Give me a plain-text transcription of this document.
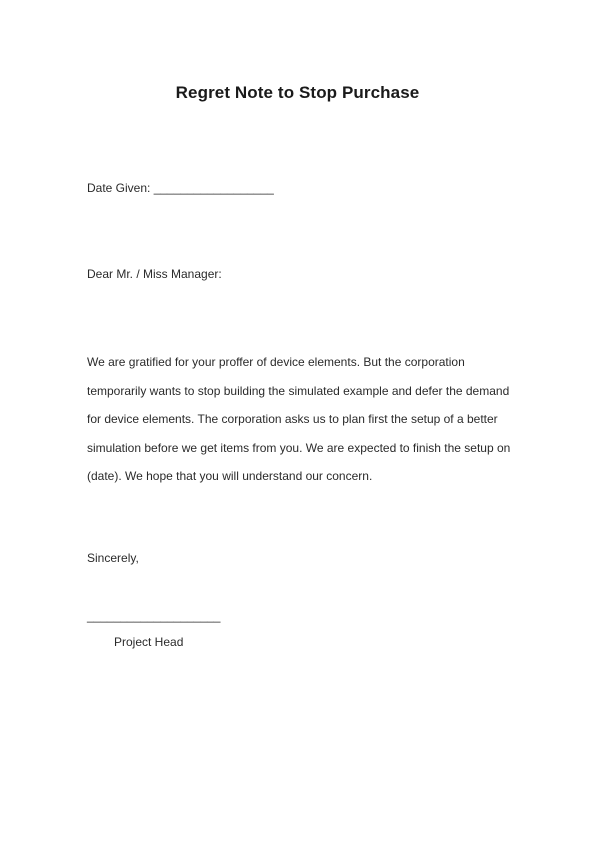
Regret Note to Stop Purchase
Date Given: __________________
Dear Mr. / Miss Manager:
We are gratified for your proffer of device elements. But the corporation
temporarily wants to stop building the simulated example and defer the demand
for device elements. The corporation asks us to plan first the setup of a better
simulation before we get items from you. We are expected to finish the setup on
(date). We hope that you will understand our concern.
Sincerely,
____________________
Project Head
